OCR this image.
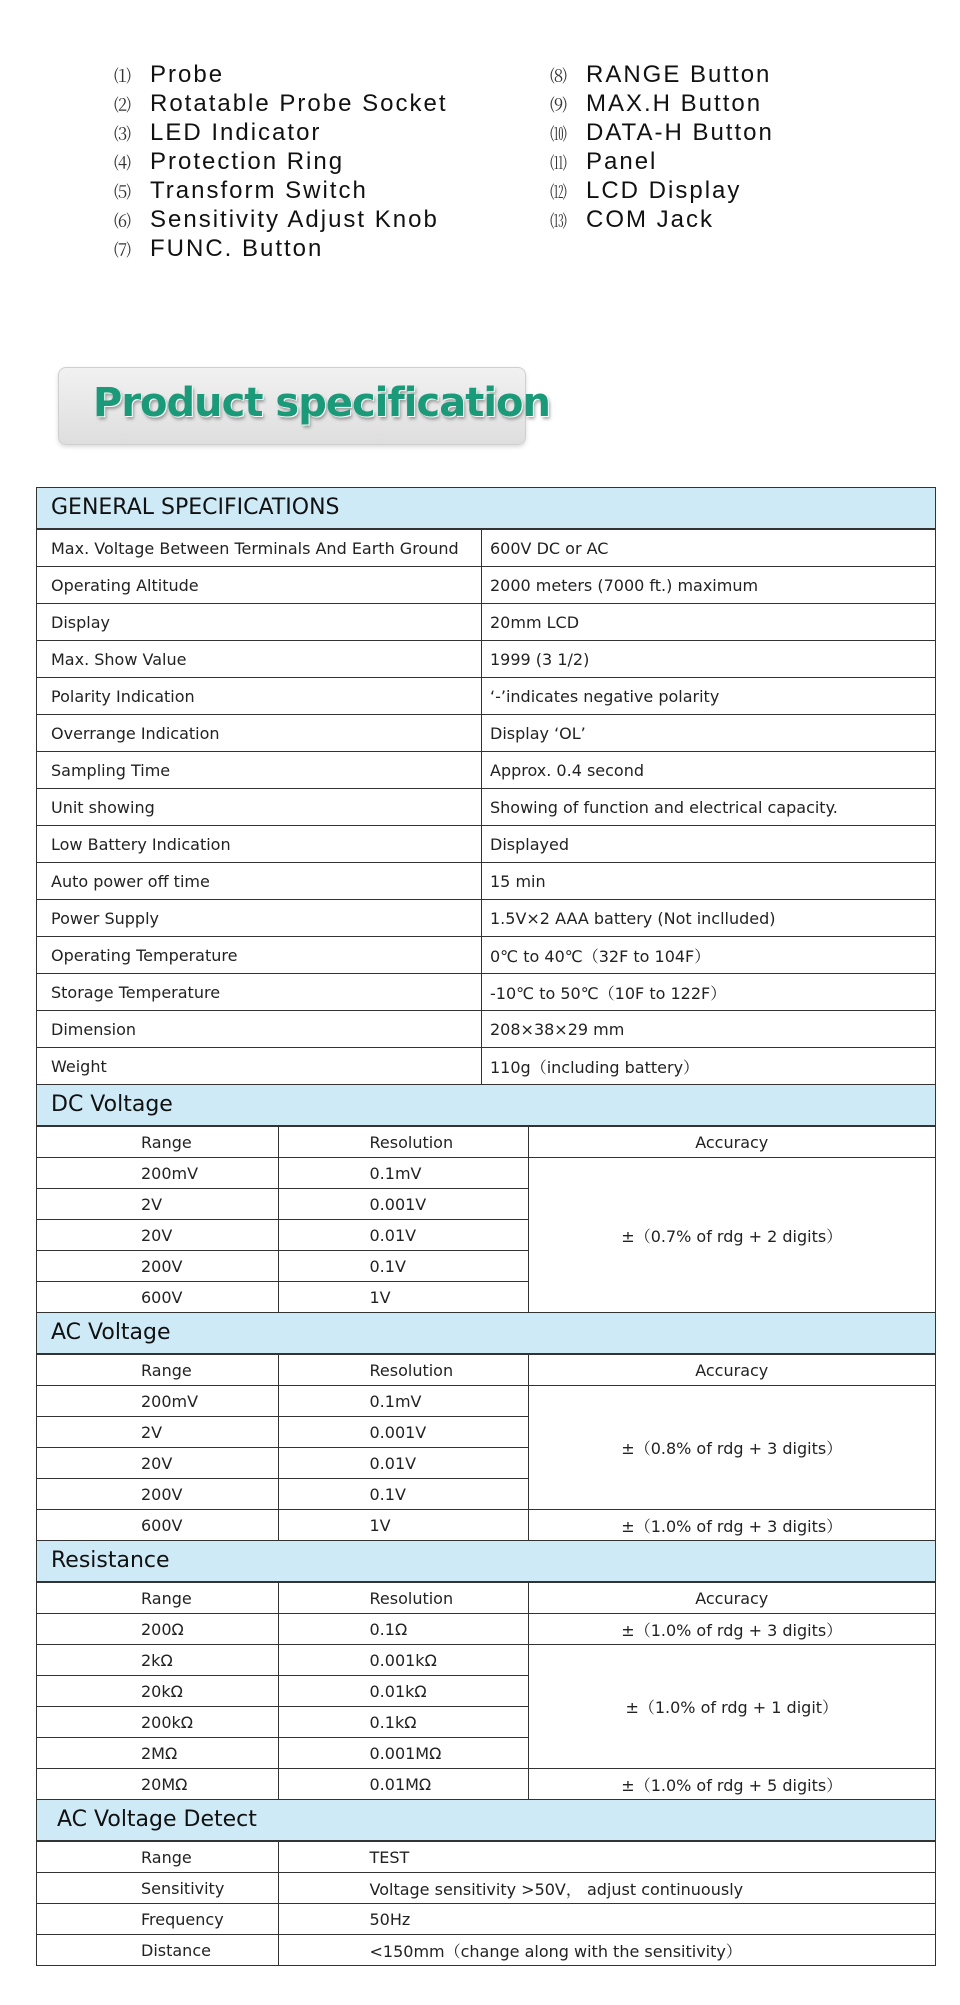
⑴ Probe
⑵ Rotatable Probe Socket
⑶ LED Indicator
⑷ Protection Ring
⑸ Transform Switch
⑹ Sensitivity Adjust Knob
⑺ FUNC. Button
⑻ RANGE Button
⑼ MAX.H Button
⑽ DATA-H Button
⑾ Panel
⑿ LCD Display
⒀ COM Jack
Product specification
GENERAL SPECIFICATIONS
Max. Voltage Between Terminals And Earth Ground	600V DC or AC
Operating Altitude	2000 meters (7000 ft.) maximum
Display	20mm LCD
Max. Show Value	1999 (3 1/2)
Polarity Indication	‘-’indicates negative polarity
Overrange Indication	Display ‘OL’
Sampling Time	Approx. 0.4 second
Unit showing	Showing of function and electrical capacity.
Low Battery Indication	Displayed
Auto power off time	15 min
Power Supply	1.5V×2 AAA battery (Not inclluded)
Operating Temperature	0℃ to 40℃（32F to 104F）
Storage Temperature	-10℃ to 50℃（10F to 122F）
Dimension	208×38×29 mm
Weight	110g（including battery）
DC Voltage
Range	Resolution	Accuracy
200mV	0.1mV	±（0.7% of rdg + 2 digits）
2V	0.001V	
20V	0.01V	
200V	0.1V	
600V	1V	
AC Voltage
Range	Resolution	Accuracy
200mV	0.1mV	±（0.8% of rdg + 3 digits）
2V	0.001V	
20V	0.01V	
200V	0.1V	
600V	1V	±（1.0% of rdg + 3 digits）
Resistance
Range	Resolution	Accuracy
200Ω	0.1Ω	±（1.0% of rdg + 3 digits）
2kΩ	0.001kΩ	±（1.0% of rdg + 1 digit）
20kΩ	0.01kΩ	
200kΩ	0.1kΩ	
2MΩ	0.001MΩ	
20MΩ	0.01MΩ	±（1.0% of rdg + 5 digits）
AC Voltage Detect
Range	TEST
Sensitivity	Voltage sensitivity >50V， adjust continuously
Frequency	50Hz
Distance	<150mm（change along with the sensitivity）
